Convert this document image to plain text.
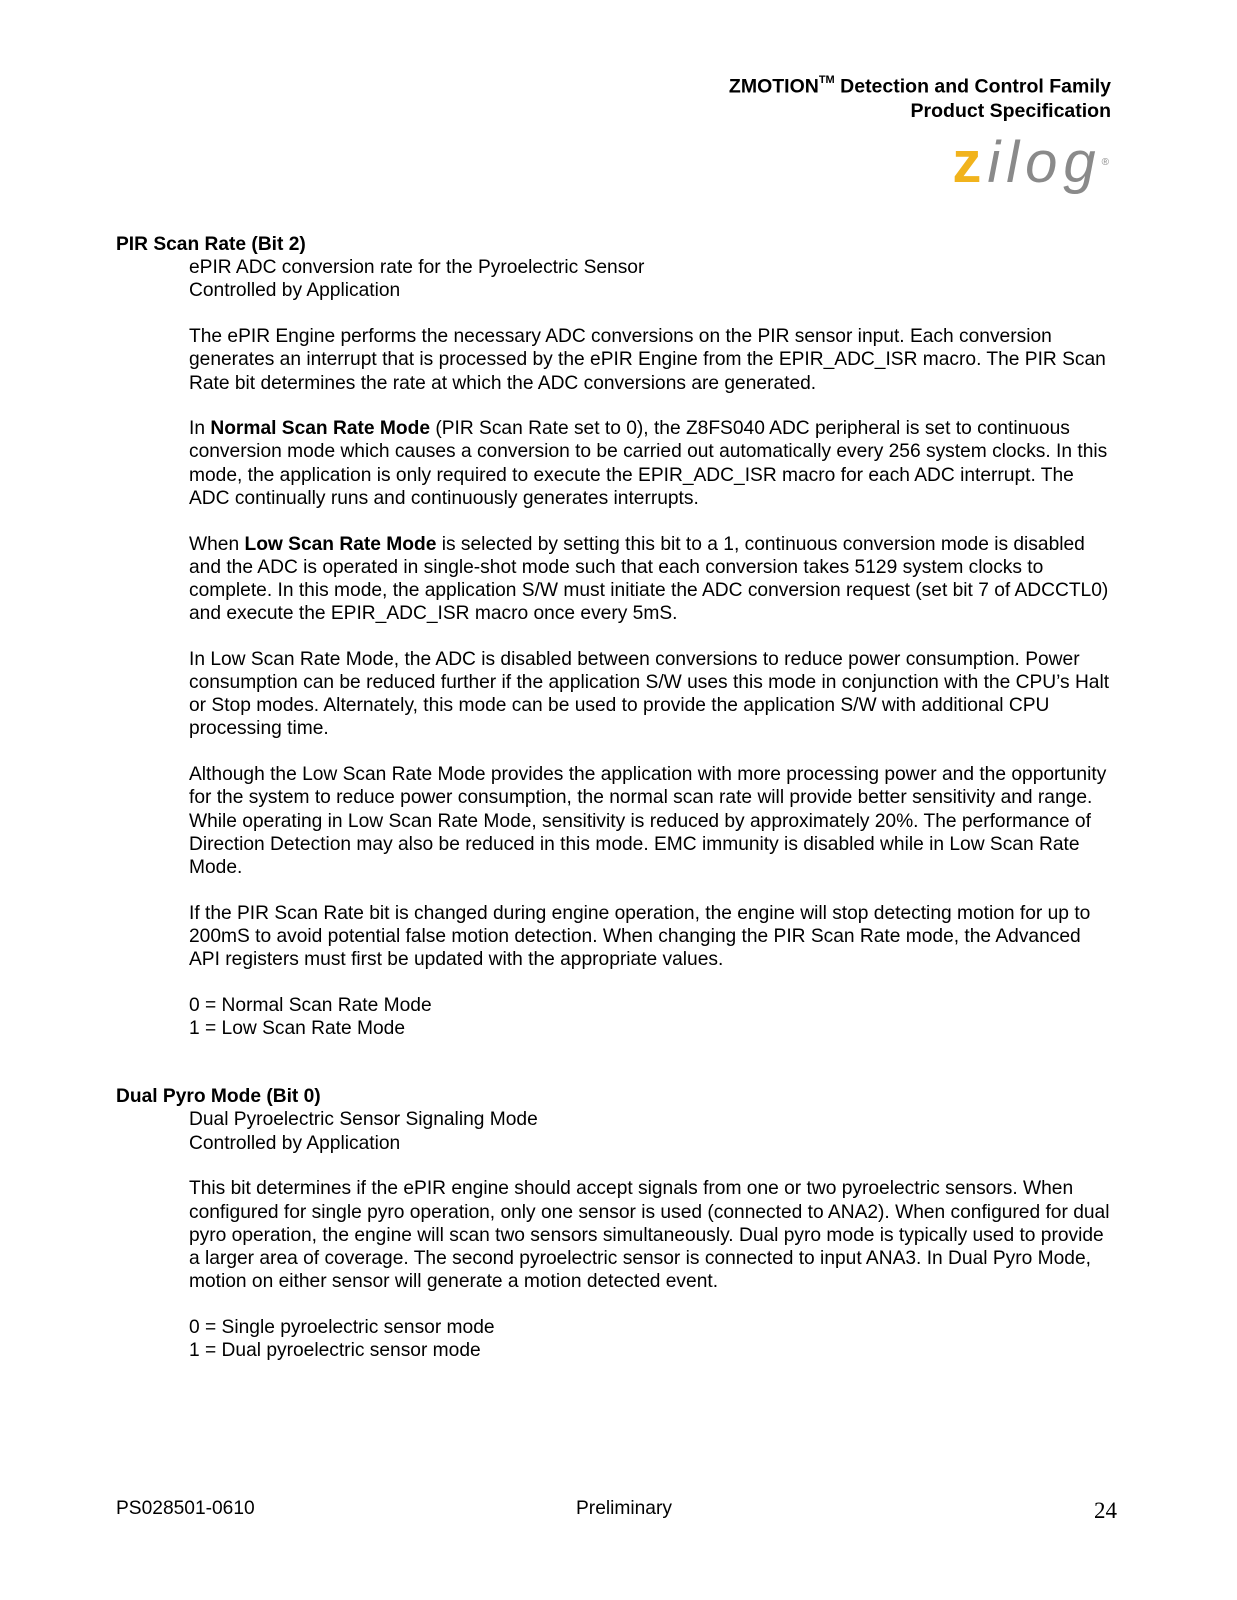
ZMOTION™ Detection and Control Family
Product Specification
zilog®
PIR Scan Rate (Bit 2)

ePIR ADC conversion rate for the Pyroelectric Sensor

Controlled by Application

The ePIR Engine performs the necessary ADC conversions on the PIR sensor input. Each conversion generates an interrupt that is processed by the ePIR Engine from the EPIR_ADC_ISR macro. The PIR Scan Rate bit determines the rate at which the ADC conversions are generated.

In Normal Scan Rate Mode (PIR Scan Rate set to 0), the Z8FS040 ADC peripheral is set to continuous conversion mode which causes a conversion to be carried out automatically every 256 system clocks. In this mode, the application is only required to execute the EPIR_ADC_ISR macro for each ADC interrupt. The ADC continually runs and continuously generates interrupts.

When Low Scan Rate Mode is selected by setting this bit to a 1, continuous conversion mode is disabled and the ADC is operated in single-shot mode such that each conversion takes 5129 system clocks to complete. In this mode, the application S/W must initiate the ADC conversion request (set bit 7 of ADCCTL0) and execute the EPIR_ADC_ISR macro once every 5mS.

In Low Scan Rate Mode, the ADC is disabled between conversions to reduce power consumption. Power consumption can be reduced further if the application S/W uses this mode in conjunction with the CPU’s Halt or Stop modes. Alternately, this mode can be used to provide the application S/W with additional CPU processing time.

Although the Low Scan Rate Mode provides the application with more processing power and the opportunity for the system to reduce power consumption, the normal scan rate will provide better sensitivity and range. While operating in Low Scan Rate Mode, sensitivity is reduced by approximately 20%. The performance of Direction Detection may also be reduced in this mode. EMC immunity is disabled while in Low Scan Rate Mode.

If the PIR Scan Rate bit is changed during engine operation, the engine will stop detecting motion for up to 200mS to avoid potential false motion detection. When changing the PIR Scan Rate mode, the Advanced API registers must first be updated with the appropriate values.

0 = Normal Scan Rate Mode

1 = Low Scan Rate Mode

Dual Pyro Mode (Bit 0)

Dual Pyroelectric Sensor Signaling Mode

Controlled by Application

This bit determines if the ePIR engine should accept signals from one or two pyroelectric sensors. When configured for single pyro operation, only one sensor is used (connected to ANA2). When configured for dual pyro operation, the engine will scan two sensors simultaneously. Dual pyro mode is typically used to provide a larger area of coverage. The second pyroelectric sensor is connected to input ANA3. In Dual Pyro Mode, motion on either sensor will generate a motion detected event.

0 = Single pyroelectric sensor mode

1 = Dual pyroelectric sensor mode

PS028501-0610	Preliminary	24
